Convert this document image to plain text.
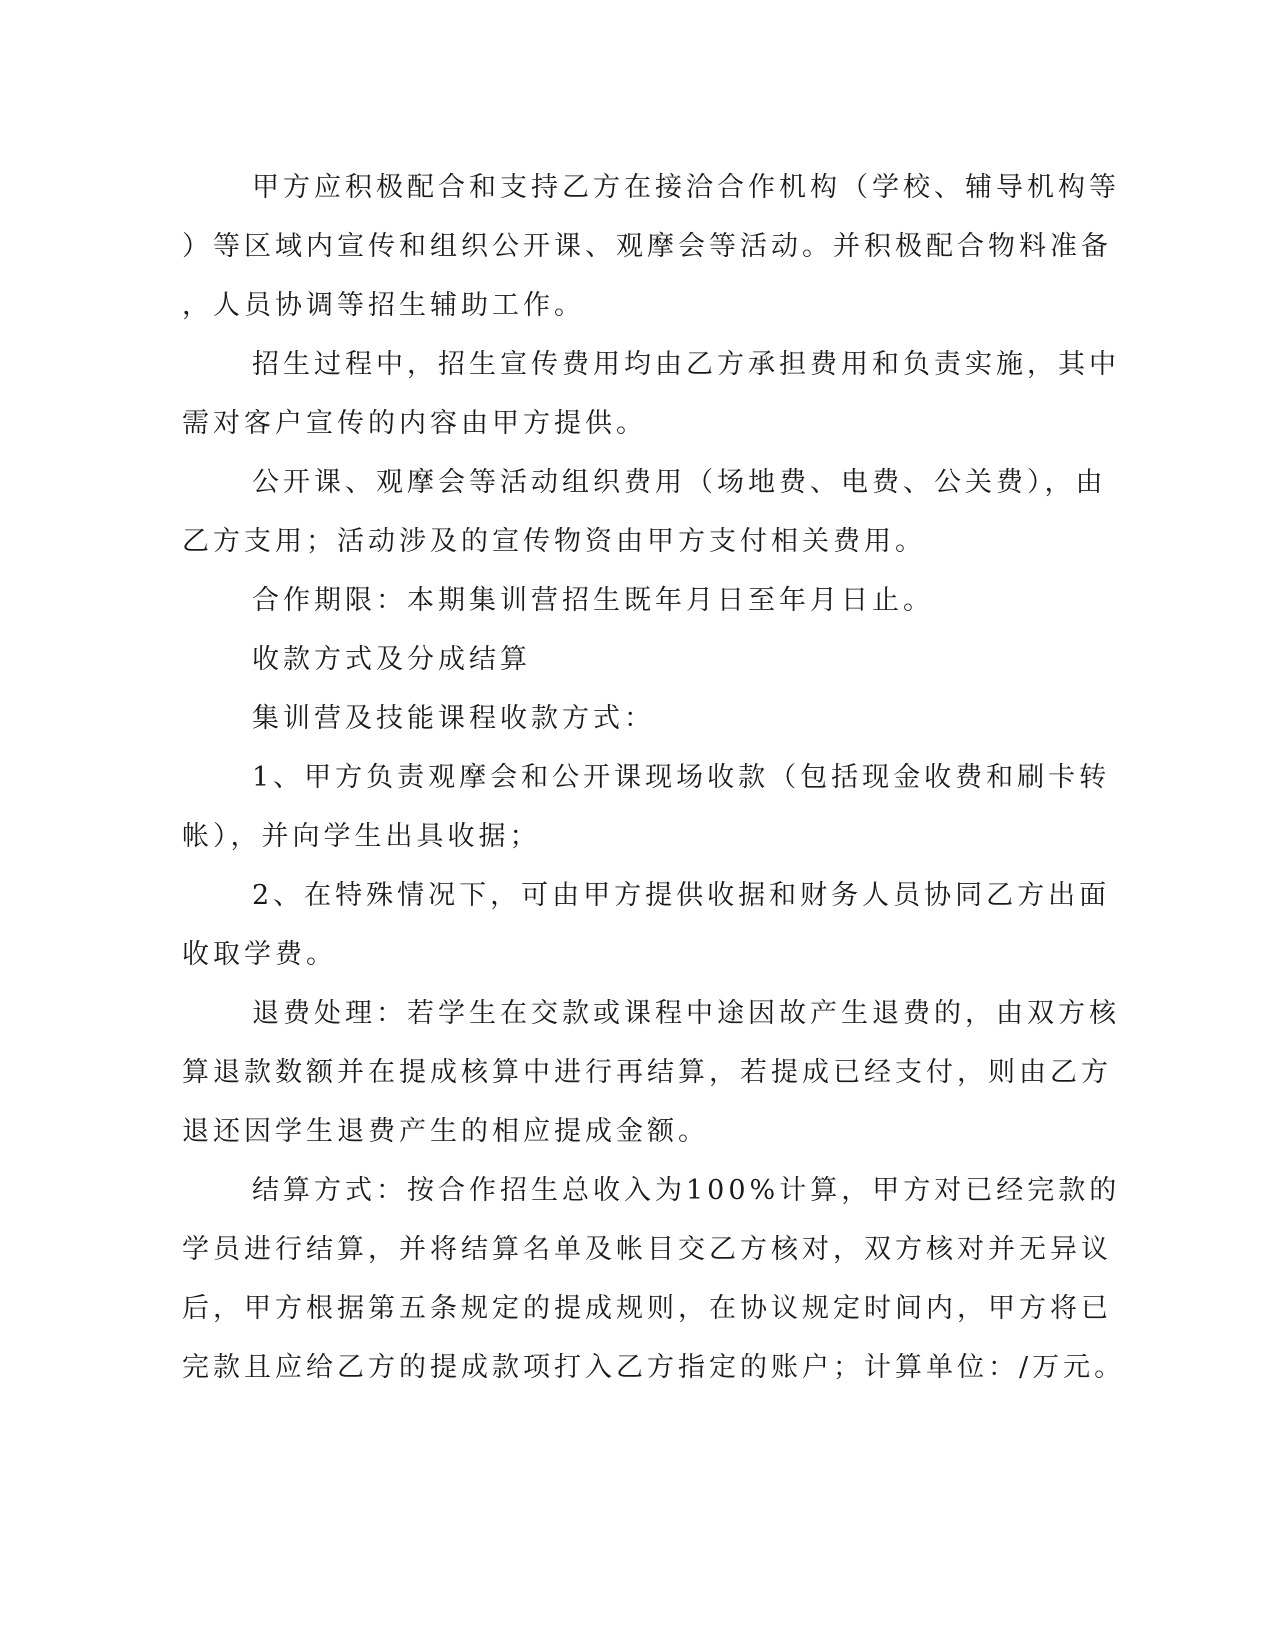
甲方应积极配合和支持乙方在接洽合作机构（学校、辅导机构等
）等区域内宣传和组织公开课、观摩会等活动。并积极配合物料准备
，人员协调等招生辅助工作。
招生过程中，招生宣传费用均由乙方承担费用和负责实施，其中
需对客户宣传的内容由甲方提供。
公开课、观摩会等活动组织费用（场地费、电费、公关费），由
乙方支用；活动涉及的宣传物资由甲方支付相关费用。
合作期限：本期集训营招生既年月日至年月日止。
收款方式及分成结算
集训营及技能课程收款方式：
1、甲方负责观摩会和公开课现场收款（包括现金收费和刷卡转
帐），并向学生出具收据；
2、在特殊情况下，可由甲方提供收据和财务人员协同乙方出面
收取学费。
退费处理：若学生在交款或课程中途因故产生退费的，由双方核
算退款数额并在提成核算中进行再结算，若提成已经支付，则由乙方
退还因学生退费产生的相应提成金额。
结算方式：按合作招生总收入为100%计算，甲方对已经完款的
学员进行结算，并将结算名单及帐目交乙方核对，双方核对并无异议
后，甲方根据第五条规定的提成规则，在协议规定时间内，甲方将已
完款且应给乙方的提成款项打入乙方指定的账户；计算单位：/万元。
